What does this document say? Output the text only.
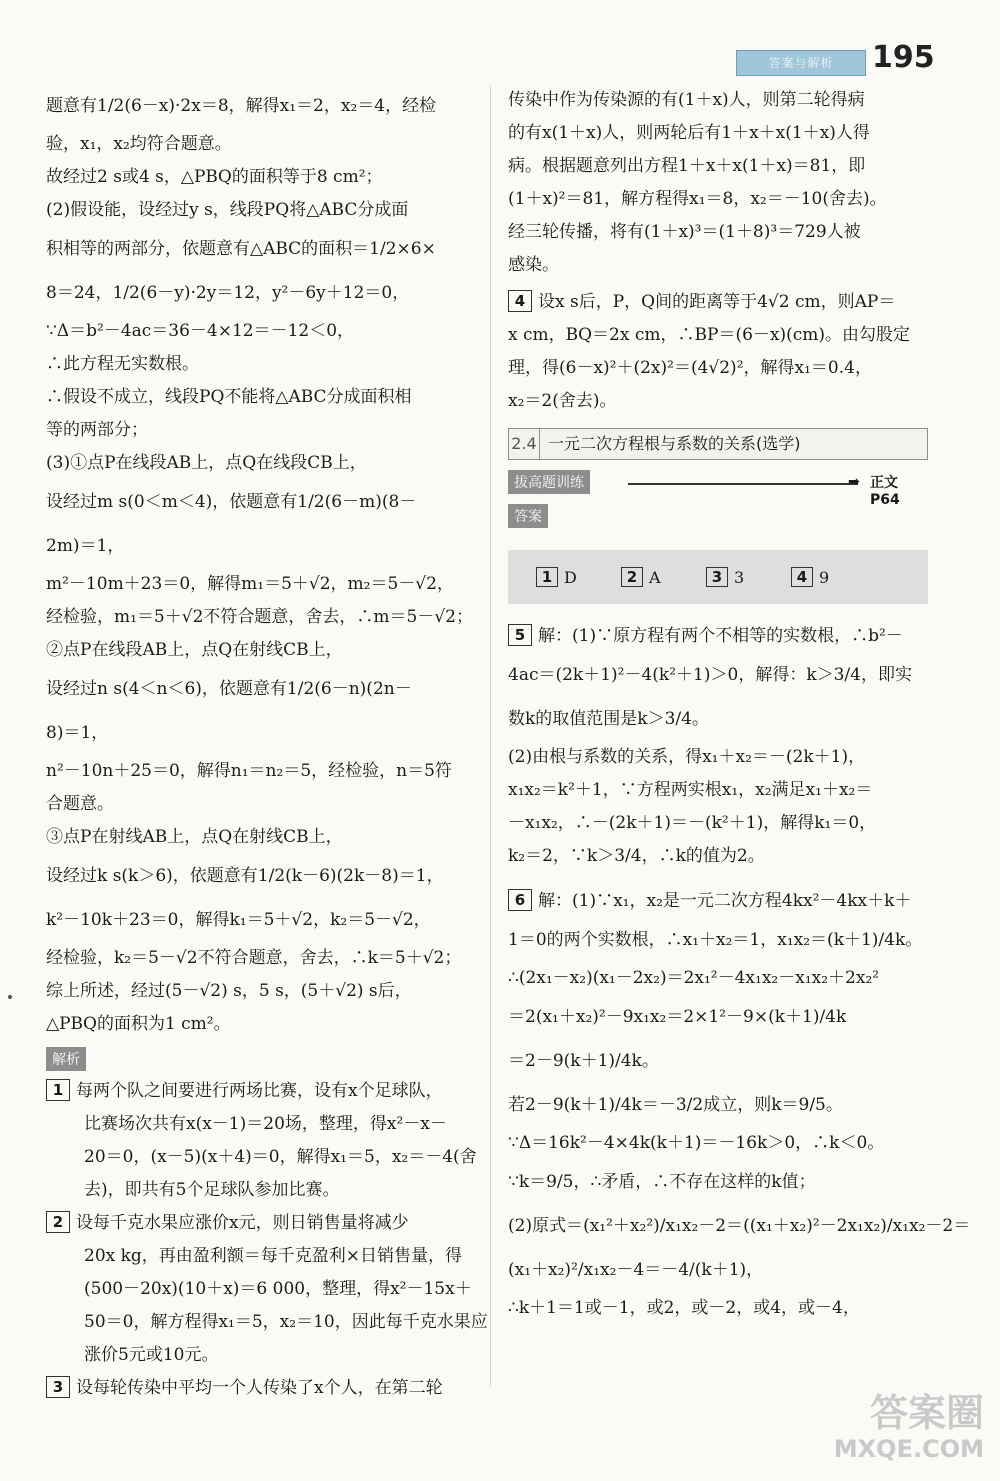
答案与解析	195
题意有1/2(6－x)·2x＝8，解得x₁＝2，x₂＝4，经检
验，x₁，x₂均符合题意。
故经过2 s或4 s，△PBQ的面积等于8 cm²；
(2)假设能，设经过y s，线段PQ将△ABC分成面
积相等的两部分，依题意有△ABC的面积＝1/2×6×
8＝24，1/2(6－y)·2y＝12，y²－6y＋12＝0，
∵Δ＝b²－4ac＝36－4×12＝－12＜0，
∴此方程无实数根。
∴假设不成立，线段PQ不能将△ABC分成面积相
等的两部分；
(3)①点P在线段AB上，点Q在线段CB上，
设经过m s(0＜m＜4)，依题意有1/2(6－m)(8－
2m)＝1，
m²－10m＋23＝0，解得m₁＝5＋√2，m₂＝5－√2，
经检验，m₁＝5＋√2不符合题意，舍去，∴m＝5－√2；
②点P在线段AB上，点Q在射线CB上，
设经过n s(4＜n＜6)，依题意有1/2(6－n)(2n－
8)＝1，
n²－10n＋25＝0，解得n₁＝n₂＝5，经检验，n＝5符
合题意。
③点P在射线AB上，点Q在射线CB上，
设经过k s(k＞6)，依题意有1/2(k－6)(2k－8)＝1，
k²－10k＋23＝0，解得k₁＝5＋√2，k₂＝5－√2，
经检验，k₂＝5－√2不符合题意，舍去，∴k＝5＋√2；
综上所述，经过(5－√2) s，5 s，(5＋√2) s后，
△PBQ的面积为1 cm²。
解析
1 每两个队之间要进行两场比赛，设有x个足球队，
比赛场次共有x(x－1)＝20场，整理，得x²－x－
20＝0，(x－5)(x＋4)＝0，解得x₁＝5，x₂＝－4(舍
去)，即共有5个足球队参加比赛。
2 设每千克水果应涨价x元，则日销售量将减少
20x kg，再由盈利额＝每千克盈利×日销售量，得
(500－20x)(10＋x)＝6 000，整理，得x²－15x＋
50＝0，解方程得x₁＝5，x₂＝10，因此每千克水果应
涨价5元或10元。
3 设每轮传染中平均一个人传染了x个人，在第二轮
传染中作为传染源的有(1＋x)人，则第二轮得病
的有x(1＋x)人，则两轮后有1＋x＋x(1＋x)人得
病。根据题意列出方程1＋x＋x(1＋x)＝81，即
(1＋x)²＝81，解方程得x₁＝8，x₂＝－10(舍去)。
经三轮传播，将有(1＋x)³＝(1＋8)³＝729人被
感染。
4 设x s后，P，Q间的距离等于4√2 cm，则AP＝
x cm，BQ＝2x cm，∴BP＝(6－x)(cm)。由勾股定
理，得(6－x)²＋(2x)²＝(4√2)²，解得x₁＝0.4，
x₂＝2(舍去)。
2.4 一元二次方程根与系数的关系(选学)
拔高题训练	➡ 正文 P64
答案
1 D	2 A	3 3	4 9
5 解：(1)∵原方程有两个不相等的实数根，∴b²－
4ac＝(2k＋1)²－4(k²＋1)＞0，解得：k＞3/4，即实
数k的取值范围是k＞3/4。
(2)由根与系数的关系，得x₁＋x₂＝－(2k＋1)，
x₁x₂＝k²＋1，∵方程两实根x₁，x₂满足x₁＋x₂＝
－x₁x₂，∴－(2k＋1)＝－(k²＋1)，解得k₁＝0，
k₂＝2，∵k＞3/4，∴k的值为2。
6 解：(1)∵x₁，x₂是一元二次方程4kx²－4kx＋k＋
1＝0的两个实数根，∴x₁＋x₂＝1，x₁x₂＝(k＋1)/4k。
∴(2x₁－x₂)(x₁－2x₂)＝2x₁²－4x₁x₂－x₁x₂＋2x₂²
＝2(x₁＋x₂)²－9x₁x₂＝2×1²－9×(k＋1)/4k
＝2－9(k＋1)/4k。
若2－9(k＋1)/4k＝－3/2成立，则k＝9/5。
∵Δ＝16k²－4×4k(k＋1)＝－16k＞0，∴k＜0。
∵k＝9/5，∴矛盾，∴不存在这样的k值；
(2)原式＝(x₁²＋x₂²)/x₁x₂－2＝((x₁＋x₂)²－2x₁x₂)/x₁x₂－2＝
(x₁＋x₂)²/x₁x₂－4＝－4/(k＋1)，
∴k＋1＝1或－1，或2，或－2，或4，或－4，
答案圈
MXQE.COM
